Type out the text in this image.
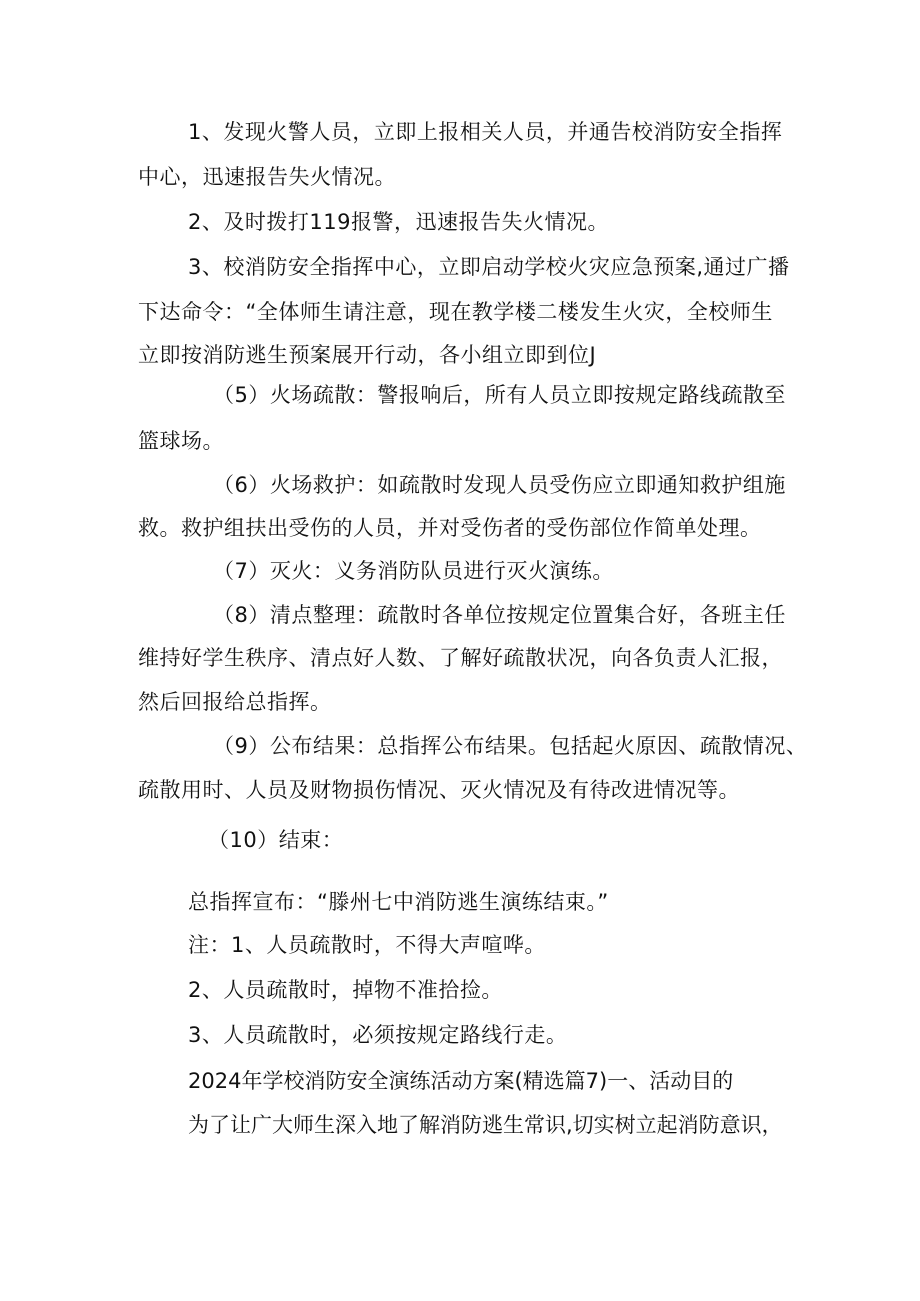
1、发现火警人员，立即上报相关人员，并通告校消防安全指挥

中心，迅速报告失火情况。

2、及时拨打119报警，迅速报告失火情况。

3、校消防安全指挥中心，立即启动学校火灾应急预案,通过广播

下达命令：“全体师生请注意，现在教学楼二楼发生火灾，全校师生

立即按消防逃生预案展开行动，各小组立即到位J

（5）火场疏散：警报响后，所有人员立即按规定路线疏散至

篮球场。

（6）火场救护：如疏散时发现人员受伤应立即通知救护组施

救。救护组扶出受伤的人员，并对受伤者的受伤部位作简单处理。

（7）灭火：义务消防队员进行灭火演练。

（8）清点整理：疏散时各单位按规定位置集合好，各班主任

维持好学生秩序、清点好人数、了解好疏散状况，向各负责人汇报，

然后回报给总指挥。

（9）公布结果：总指挥公布结果。包括起火原因、疏散情况、

疏散用时、人员及财物损伤情况、灭火情况及有待改进情况等。

（10）结束：

总指挥宣布：“滕州七中消防逃生演练结束。”

注：1、人员疏散时，不得大声喧哗。

2、人员疏散时，掉物不准拾捡。

3、人员疏散时，必须按规定路线行走。

2024年学校消防安全演练活动方案(精选篇7)一、活动目的

为了让广大师生深入地了解消防逃生常识,切实树立起消防意识，
